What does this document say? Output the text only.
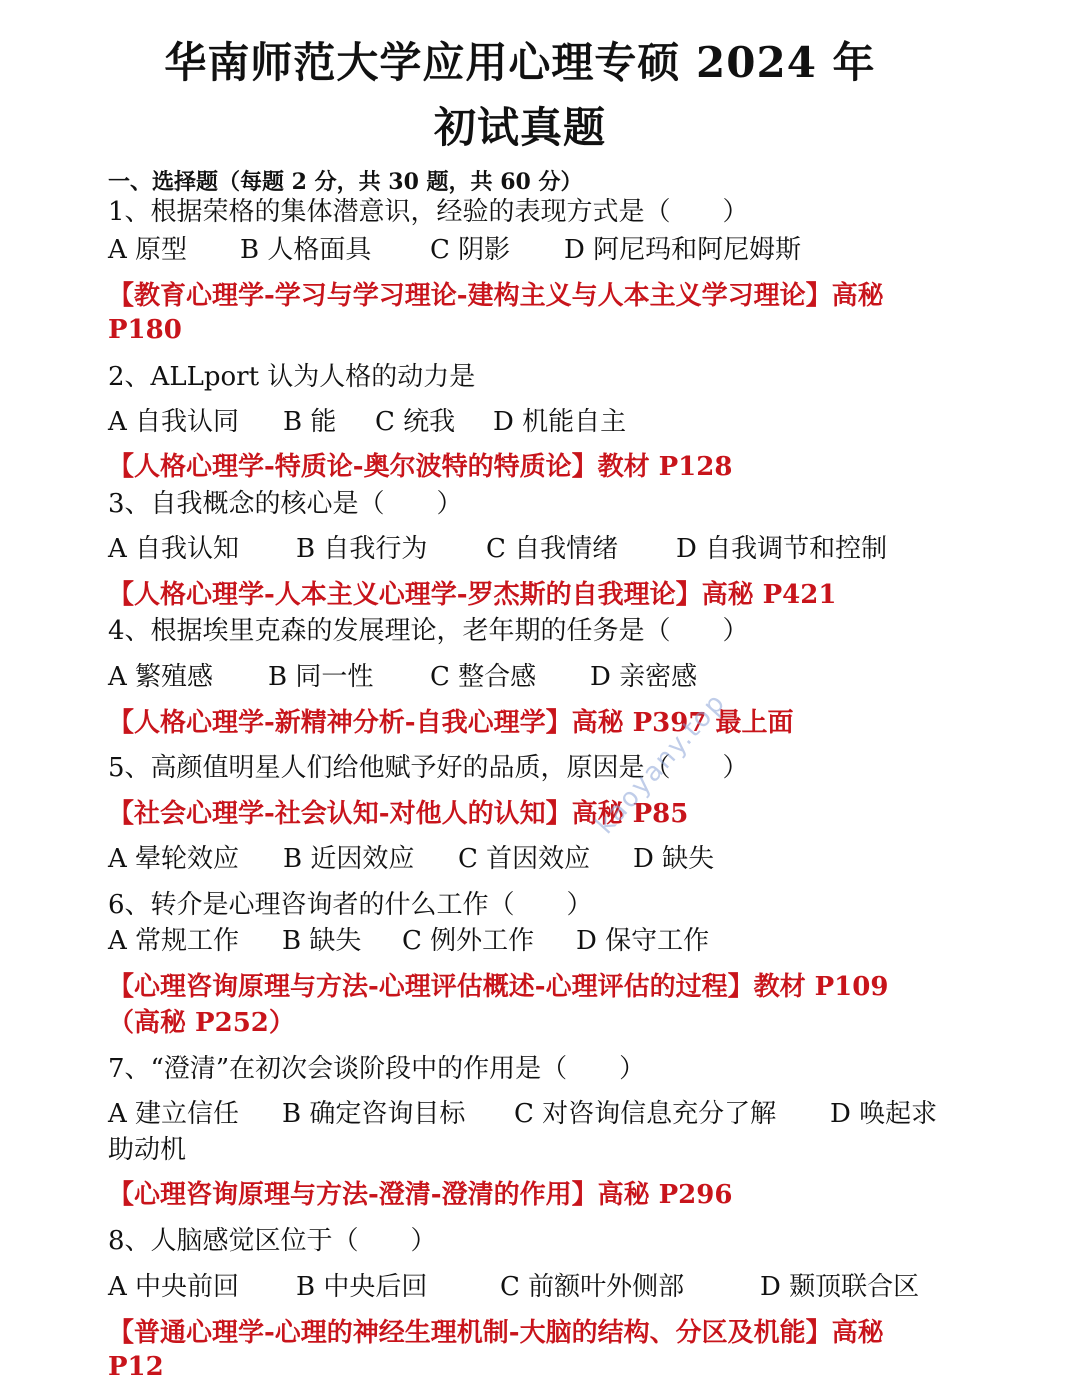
华南师范大学应用心理专硕 2024 年
初试真题
一、选择题（每题 2 分，共 30 题，共 60 分）
1、根据荣格的集体潜意识，经验的表现方式是（　　）
A 原型 B 人格面具 C 阴影 D 阿尼玛和阿尼姆斯
【教育心理学-学习与学习理论-建构主义与人本主义学习理论】高秘
P180
2、ALLport 认为人格的动力是
A 自我认同 B 能 C 统我 D 机能自主
【人格心理学-特质论-奥尔波特的特质论】教材 P128
3、自我概念的核心是（　　）
A 自我认知 B 自我行为 C 自我情绪 D 自我调节和控制
【人格心理学-人本主义心理学-罗杰斯的自我理论】高秘 P421
4、根据埃里克森的发展理论，老年期的任务是（　　）
A 繁殖感 B 同一性 C 整合感 D 亲密感
【人格心理学-新精神分析-自我心理学】高秘 P397 最上面
5、高颜值明星人们给他赋予好的品质，原因是（　　）
【社会心理学-社会认知-对他人的认知】高秘 P85
A 晕轮效应 B 近因效应 C 首因效应 D 缺失
6、转介是心理咨询者的什么工作（　　）
A 常规工作 B 缺失 C 例外工作 D 保守工作
【心理咨询原理与方法-心理评估概述-心理评估的过程】教材 P109
（高秘 P252）
7、“澄清”在初次会谈阶段中的作用是（　　）
A 建立信任 B 确定咨询目标 C 对咨询信息充分了解 D 唤起求
助动机
【心理咨询原理与方法-澄清-澄清的作用】高秘 P296
8、人脑感觉区位于（　　）
A 中央前回 B 中央后回	C 前额叶外侧部	D 颞顶联合区
【普通心理学-心理的神经生理机制-大脑的结构、分区及机能】高秘
P12
kaoyany.top
